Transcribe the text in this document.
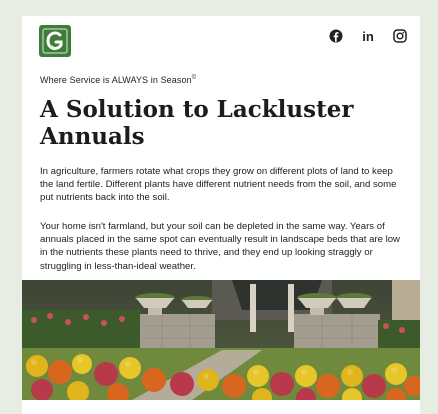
in
Where Service is ALWAYS in Season©
A Solution to Lackluster Annuals

In agriculture, farmers rotate what crops they grow on different plots of land to keep the land fertile. Different plants have different nutrient needs from the soil, and some put nutrients back into the soil.

Your home isn't farmland, but your soil can be depleted in the same way. Years of annuals placed in the same spot can eventually result in landscape beds that are low in the nutrients these plants need to thrive, and they end up looking straggly or struggling in less-than-ideal weather.
